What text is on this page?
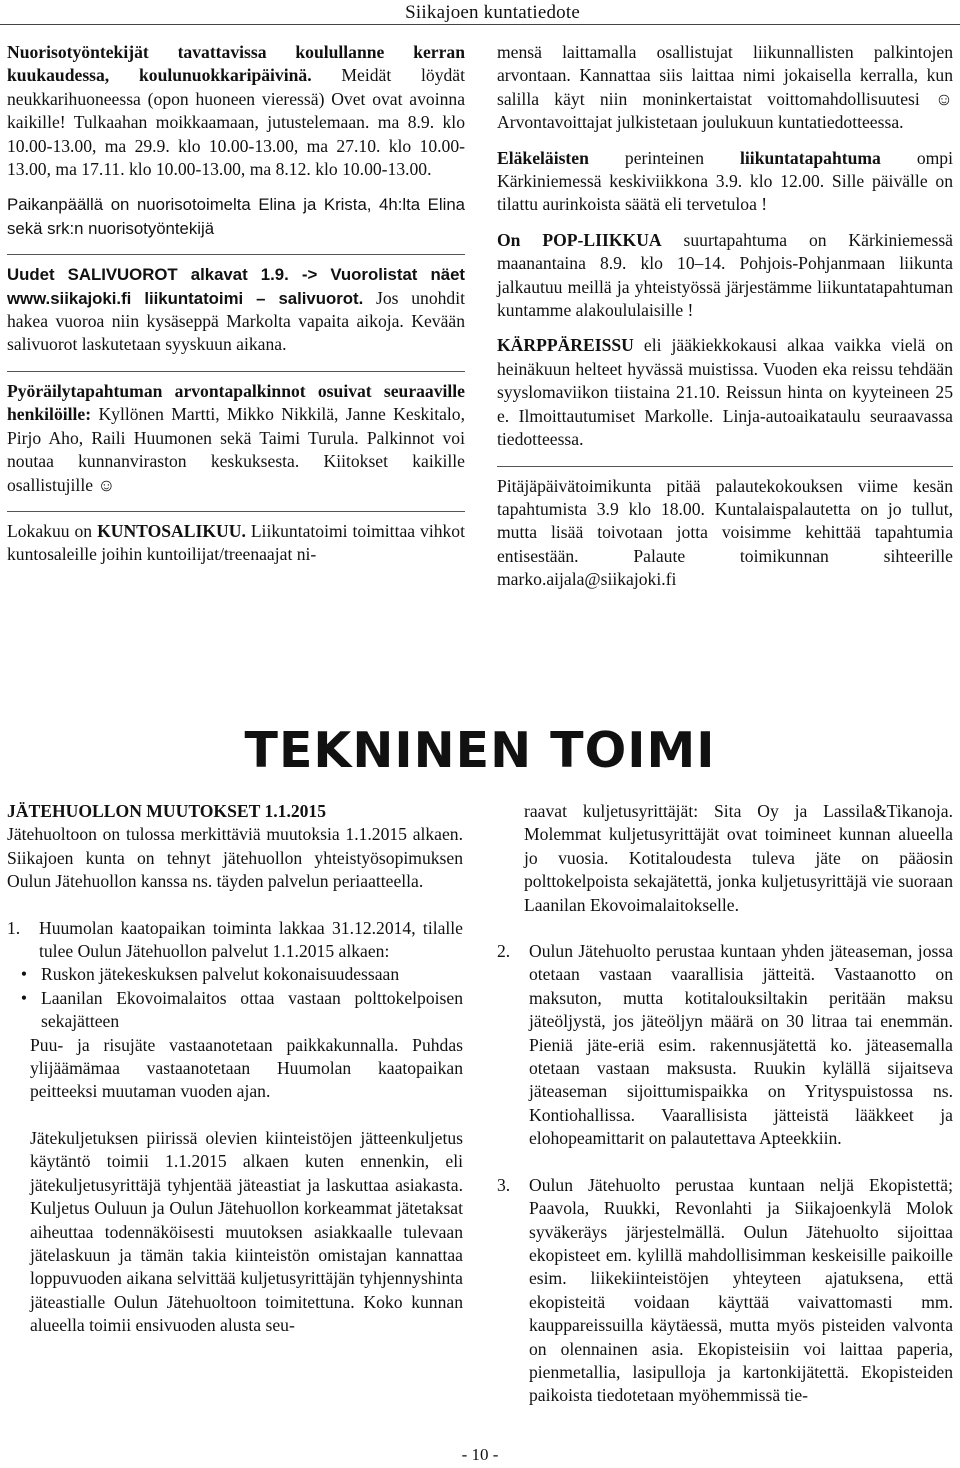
Siikajoen kuntatiedote

Nuorisotyöntekijät tavattavissa koulullanne kerran kuukaudessa, koulunuokkaripäivinä. Meidät löydät neukkarihuoneessa (opon huoneen vieressä) Ovet ovat avoinna kaikille! Tulkaahan moikkaamaan, jutustelemaan. ma 8.9. klo 10.00-13.00, ma 29.9. klo 10.00-13.00, ma 27.10. klo 10.00-13.00, ma 17.11. klo 10.00-13.00, ma 8.12. klo 10.00-13.00.

Paikanpäällä on nuorisotoimelta Elina ja Krista, 4h:lta Elina sekä srk:n nuorisotyöntekijä

Uudet SALIVUOROT alkavat 1.9. -> Vuorolistat näet www.siikajoki.fi liikuntatoimi – salivuorot. Jos unohdit hakea vuoroa niin kysäseppä Markolta vapaita aikoja. Kevään salivuorot laskutetaan syyskuun aikana.

Pyöräilytapahtuman arvontapalkinnot osuivat seuraaville henkilöille: Kyllönen Martti, Mikko Nikkilä, Janne Keskitalo, Pirjo Aho, Raili Huumonen sekä Taimi Turula. Palkinnot voi noutaa kunnanviraston keskuksesta. Kiitokset kaikille osallistujille ☺

Lokakuu on KUNTOSALIKUU. Liikuntatoimi toimittaa vihkot kuntosaleille joihin kuntoilijat/treenaajat ni-

mensä laittamalla osallistujat liikunnallisten palkintojen arvontaan. Kannattaa siis laittaa nimi jokaisella kerralla, kun salilla käyt niin moninkertaistat voittomahdollisuutesi ☺ Arvontavoittajat julkistetaan joulukuun kuntatiedotteessa.

Eläkeläisten perinteinen liikuntatapahtuma ompi Kärkiniemessä keskiviikkona 3.9. klo 12.00. Sille päivälle on tilattu aurinkoista säätä eli tervetuloa !

On POP-LIIKKUA suurtapahtuma on Kärkiniemessä maanantaina 8.9. klo 10–14. Pohjois-Pohjanmaan liikunta jalkautuu meillä ja yhteistyössä järjestämme liikuntatapahtuman kuntamme alakoululaisille !

KÄRPPÄREISSU eli jääkiekkokausi alkaa vaikka vielä on heinäkuun helteet hyvässä muistissa. Vuoden eka reissu tehdään syyslomaviikon tiistaina 21.10. Reissun hinta on kyyteineen 25 e. Ilmoittautumiset Markolle. Linja-autoaikataulu seuraavassa tiedotteessa.

Pitäjäpäivätoimikunta pitää palautekokouksen viime kesän tapahtumista 3.9 klo 18.00. Kuntalaispalautetta on jo tullut, mutta lisää toivotaan jotta voisimme kehittää tapahtumia entisestään. Palaute toimikunnan sihteerille marko.aijala@siikajoki.fi

TEKNINEN TOIMI

JÄTEHUOLLON MUUTOKSET 1.1.2015

Jätehuoltoon on tulossa merkittäviä muutoksia 1.1.2015 alkaen. Siikajoen kunta on tehnyt jätehuollon yhteistyösopimuksen Oulun Jätehuollon kanssa ns. täyden palvelun periaatteella.

1.	Huumolan kaatopaikan toiminta lakkaa 31.12.2014, tilalle tulee Oulun Jätehuollon palvelut 1.1.2015 alkaen:
• Ruskon jätekeskuksen palvelut kokonaisuudessaan
• Laanilan Ekovoimalaitos ottaa vastaan polttokelpoisen sekajätteen

Puu- ja risujäte vastaanotetaan paikkakunnalla. Puhdas ylijäämämaa vastaanotetaan Huumolan kaatopaikan peitteeksi muutaman vuoden ajan.

Jätekuljetuksen piirissä olevien kiinteistöjen jätteenkuljetus käytäntö toimii 1.1.2015 alkaen kuten ennenkin, eli jätekuljetusyrittäjä tyhjentää jäteastiat ja laskuttaa asiakasta. Kuljetus Ouluun ja Oulun Jätehuollon korkeammat jätetaksat aiheuttaa todennäköisesti muutoksen asiakkaalle tulevaan jätelaskuun ja tämän takia kiinteistön omistajan kannattaa loppuvuoden aikana selvittää kuljetusyrittäjän tyhjennyshinta jäteastialle Oulun Jätehuoltoon toimitettuna. Koko kunnan alueella toimii ensivuoden alusta seu-

raavat kuljetusyrittäjät: Sita Oy ja Lassila&Tikanoja. Molemmat kuljetusyrittäjät ovat toimineet kunnan alueella jo vuosia. Kotitaloudesta tuleva jäte on pääosin polttokelpoista sekajätettä, jonka kuljetusyrittäjä vie suoraan Laanilan Ekovoimalaitokselle.

2.	Oulun Jätehuolto perustaa kuntaan yhden jäteaseman, jossa otetaan vastaan vaarallisia jätteitä. Vastaanotto on maksuton, mutta kotitalouksiltakin peritään maksu jäteöljystä, jos jäteöljyn määrä on 30 litraa tai enemmän. Pieniä jäte-eriä esim. rakennusjätettä ko. jäteasemalla otetaan vastaan maksusta. Ruukin kylällä sijaitseva jäteaseman sijoittumispaikka on Yrityspuistossa ns. Kontiohallissa. Vaarallisista jätteistä lääkkeet ja elohopeamittarit on palautettava Apteekkiin.
3.	Oulun Jätehuolto perustaa kuntaan neljä Ekopistettä; Paavola, Ruukki, Revonlahti ja Siikajoenkylä Molok syväkeräys järjestelmällä. Oulun Jätehuolto sijoittaa ekopisteet em. kylillä mahdollisimman keskeisille paikoille esim. liikekiinteistöjen yhteyteen ajatuksena, että ekopisteitä voidaan käyttää vaivattomasti mm. kauppareissuilla käytäessä, mutta myös pisteiden valvonta on olennainen asia. Ekopisteisiin voi laittaa paperia, pienmetallia, lasipulloja ja kartonkijätettä. Ekopisteiden paikoista tiedotetaan myöhemmissä tie-
- 10 -
